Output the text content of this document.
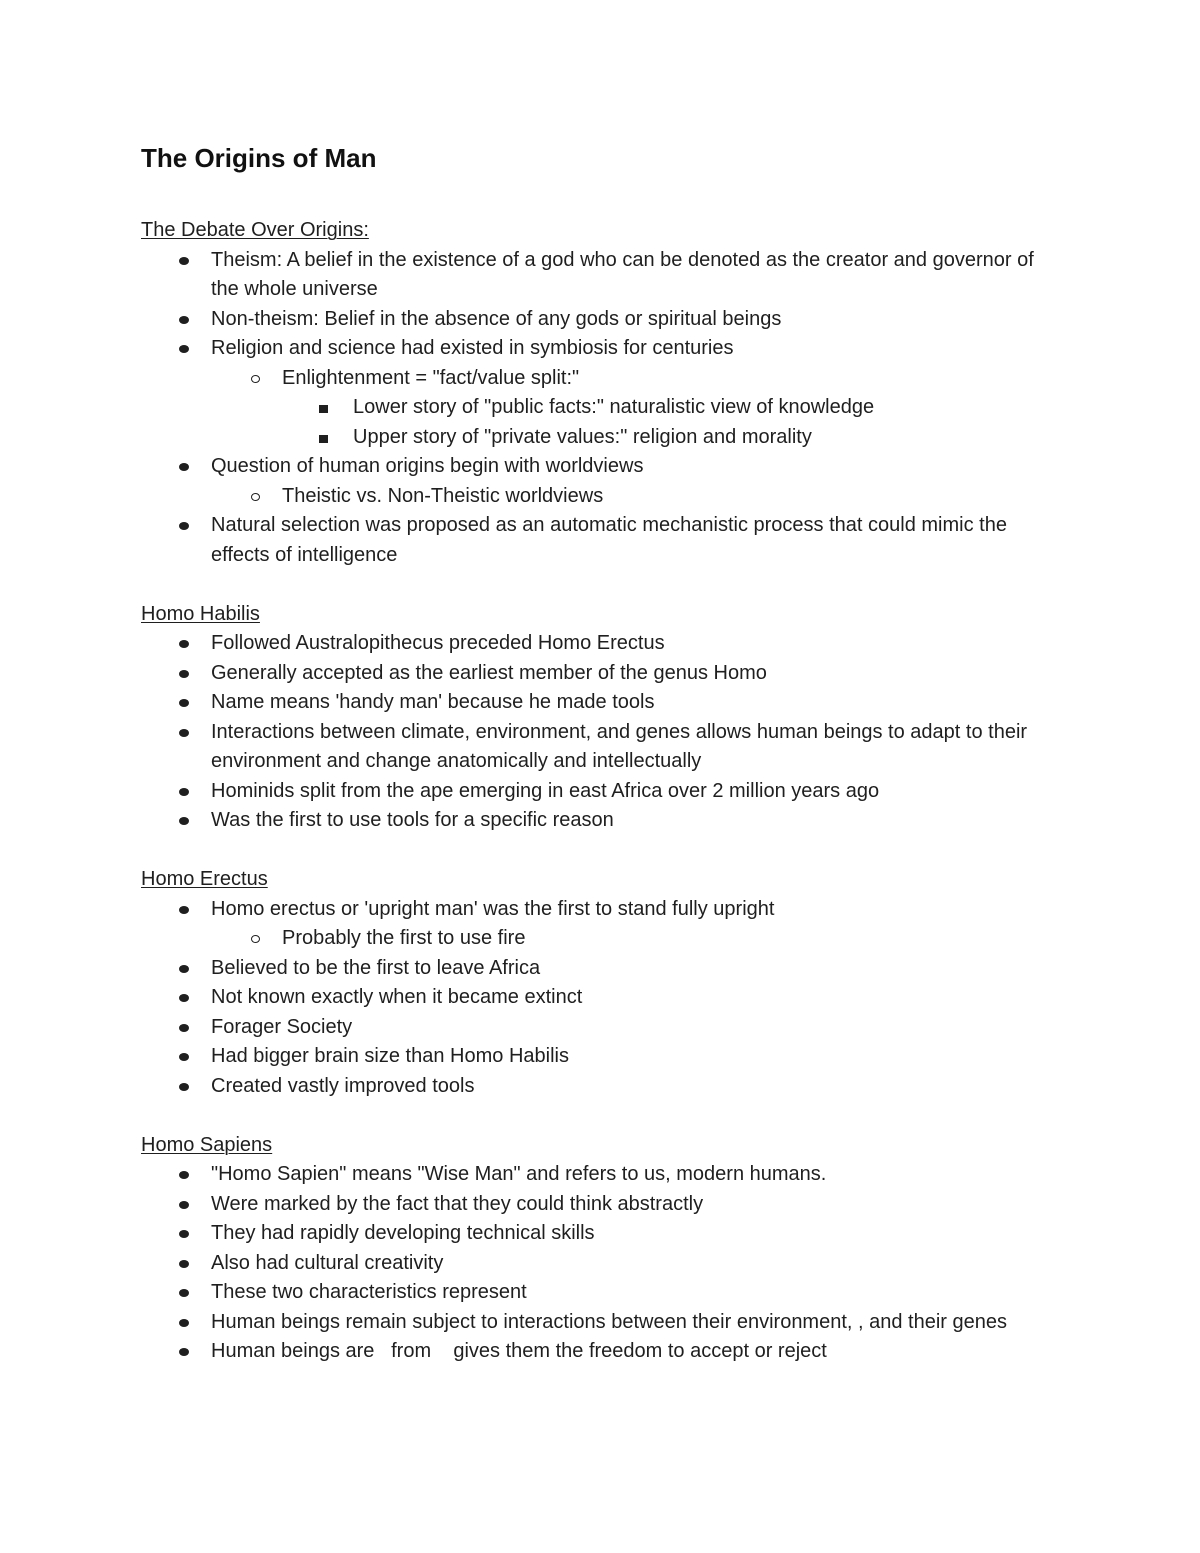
The Origins of Man
The Debate Over Origins:
Theism: A belief in the existence of a god who can be denoted as the creator and governor of the whole universe
Non-theism: Belief in the absence of any gods or spiritual beings
Religion and science had existed in symbiosis for centuries
Enlightenment = "fact/value split:"
Lower story of "public facts:" naturalistic view of knowledge
Upper story of "private values:" religion and morality
Question of human origins begin with worldviews
Theistic vs. Non-Theistic worldviews
Natural selection was proposed as an automatic mechanistic process that could mimic the effects of intelligence
Homo Habilis
Followed Australopithecus preceded Homo Erectus
Generally accepted as the earliest member of the genus Homo
Name means 'handy man' because he made tools
Interactions between climate, environment, and genes allows human beings to adapt to their environment and change anatomically and intellectually
Hominids split from the ape emerging in east Africa over 2 million years ago
Was the first to use tools for a specific reason
Homo Erectus
Homo erectus or 'upright man' was the first to stand fully upright
Probably the first to use fire
Believed to be the first to leave Africa
Not known exactly when it became extinct
Forager Society
Had bigger brain size than Homo Habilis
Created vastly improved tools
Homo Sapiens
"Homo Sapien" means "Wise Man" and refers to us, modern humans.
Were marked by the fact that they could think abstractly
They had rapidly developing technical skills
Also had cultural creativity
These two characteristics represent
Human beings remain subject to interactions between their environment, , and their genes
Human beings are   from    gives them the freedom to accept or reject
